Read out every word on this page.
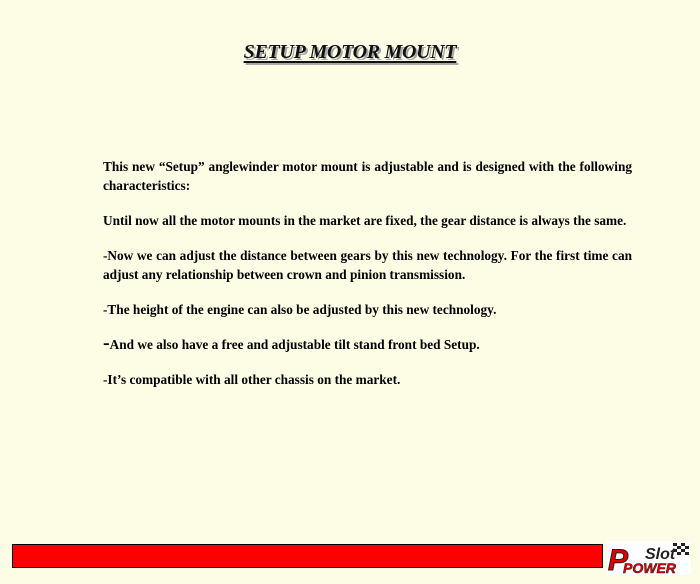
SETUP MOTOR MOUNT

This new “Setup” anglewinder motor mount is adjustable and is designed with the following characteristics:

Until now all the motor mounts in the market are fixed, the gear distance is always the same.

-Now we can adjust the distance between gears by this new technology. For the first time can adjust any relationship between crown and pinion transmission.

-The height of the engine can also be adjusted by this new technology.

-And we also have a free and adjustable tilt stand front bed Setup.

-It’s compatible with all other chassis on the market.

P Slot
POWER
